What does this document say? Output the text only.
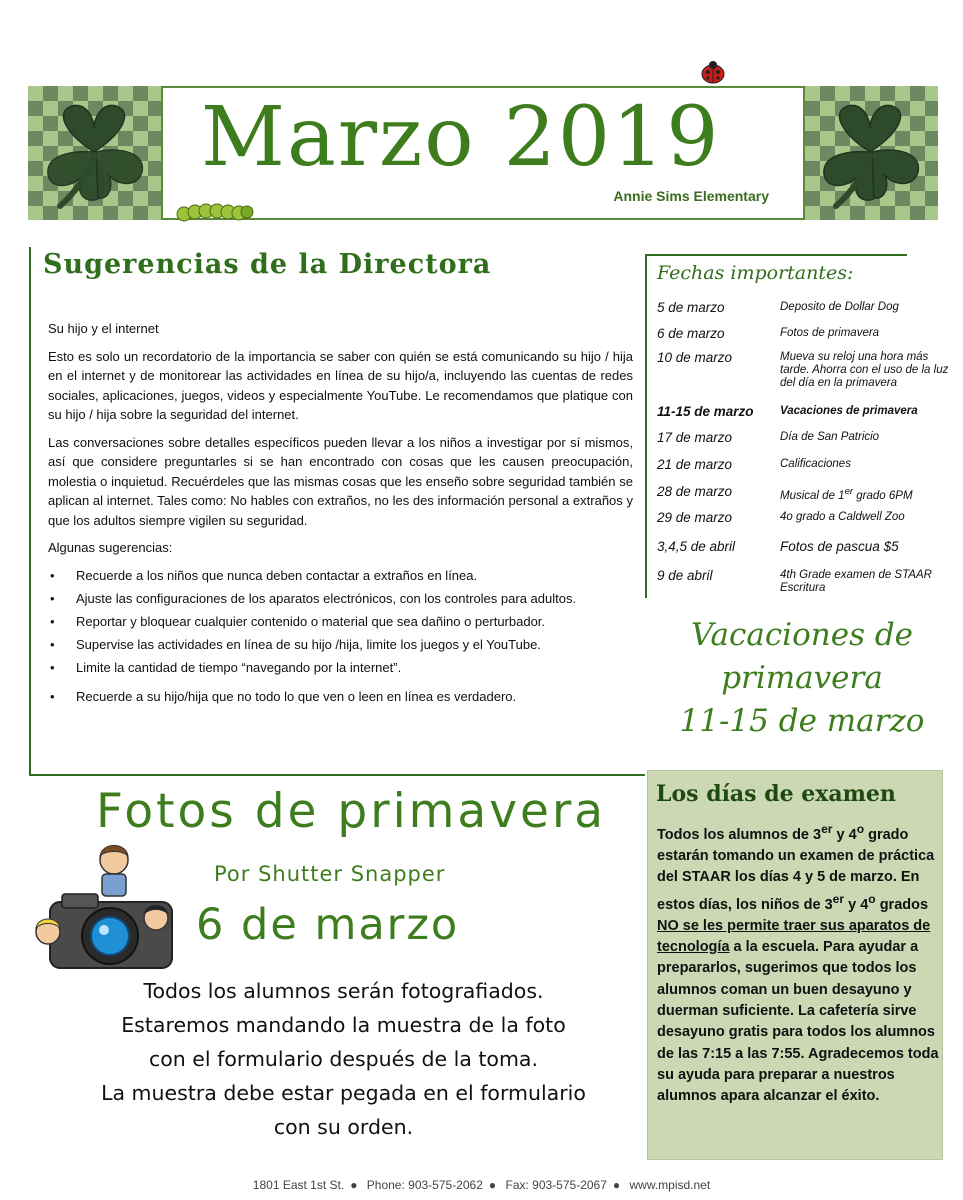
Marzo 2019
Annie Sims Elementary
Sugerencias de la Directora

Su hijo y el internet

Esto es solo un recordatorio de la importancia se saber con quién se está comunicando su hijo / hija en el internet y de monitorear las actividades en línea de su hijo/a, incluyendo las cuentas de redes sociales, aplicaciones, juegos, videos y especialmente YouTube. Le recomendamos que platique con su hijo / hija sobre la seguridad del internet.

Las conversaciones sobre detalles específicos pueden llevar a los niños a investigar por sí mismos, así que considere preguntarles si se han encontrado con cosas que les causen preocupación, molestia o inquietud. Recuérdeles que las mismas cosas que les enseño sobre seguridad también se aplican al internet. Tales como: No hables con extraños, no les des información personal a extraños y que los adultos siempre vigilen su seguridad.

Algunas sugerencias:

• Recuerde a los niños que nunca deben contactar a extraños en línea.
• Ajuste las configuraciones de los aparatos electrónicos, con los controles para adultos.
• Reportar y bloquear cualquier contenido o material que sea dañino o perturbador.
• Supervise las actividades en línea de su hijo /hija, limite los juegos y el YouTube.
• Limite la cantidad de tiempo “navegando por la internet”.
• Recuerde a su hijo/hija que no todo lo que ven o leen en línea es verdadero.
Fechas importantes:
5 de marzo	Deposito de Dollar Dog
6 de marzo	Fotos de primavera
10 de marzo	Mueva su reloj una hora más tarde. Ahorra con el uso de la luz del día en la primavera
11-15 de marzo	Vacaciones de primavera
17 de marzo	Día de San Patricio
21 de marzo	Calificaciones
28 de marzo	Musical de 1er grado 6PM
29 de marzo	4o grado a Caldwell Zoo
3,4,5 de abril	Fotos de pascua $5
9 de abril	4th Grade examen de STAAR Escritura
Vacaciones de
primavera
11-15 de marzo
Los días de examen
Todos los alumnos de 3er y 4$^o$ grado estarán tomando un examen de práctica del STAAR los días 4 y 5 de marzo. En estos días, los niños de 3er y 4$^o$ grados NO se les permite traer sus aparatos de tecnología a la escuela. Para ayudar a prepararlos, sugerimos que todos los alumnos coman un buen desayuno y duerman suficiente. La cafetería sirve desayuno gratis para todos los alumnos de las 7:15 a las 7:55. Agradecemos toda su ayuda para preparar a nuestros alumnos apara alcanzar el éxito.
Fotos de primavera
Por Shutter Snapper
6 de marzo
Todos los alumnos serán fotografiados.
Estaremos mandando la muestra de la foto
con el formulario después de la toma.
La muestra debe estar pegada en el formulario
con su orden.
1801 East 1st St. ● Phone: 903-575-2062 ● Fax: 903-575-2067 ● www.mpisd.net
